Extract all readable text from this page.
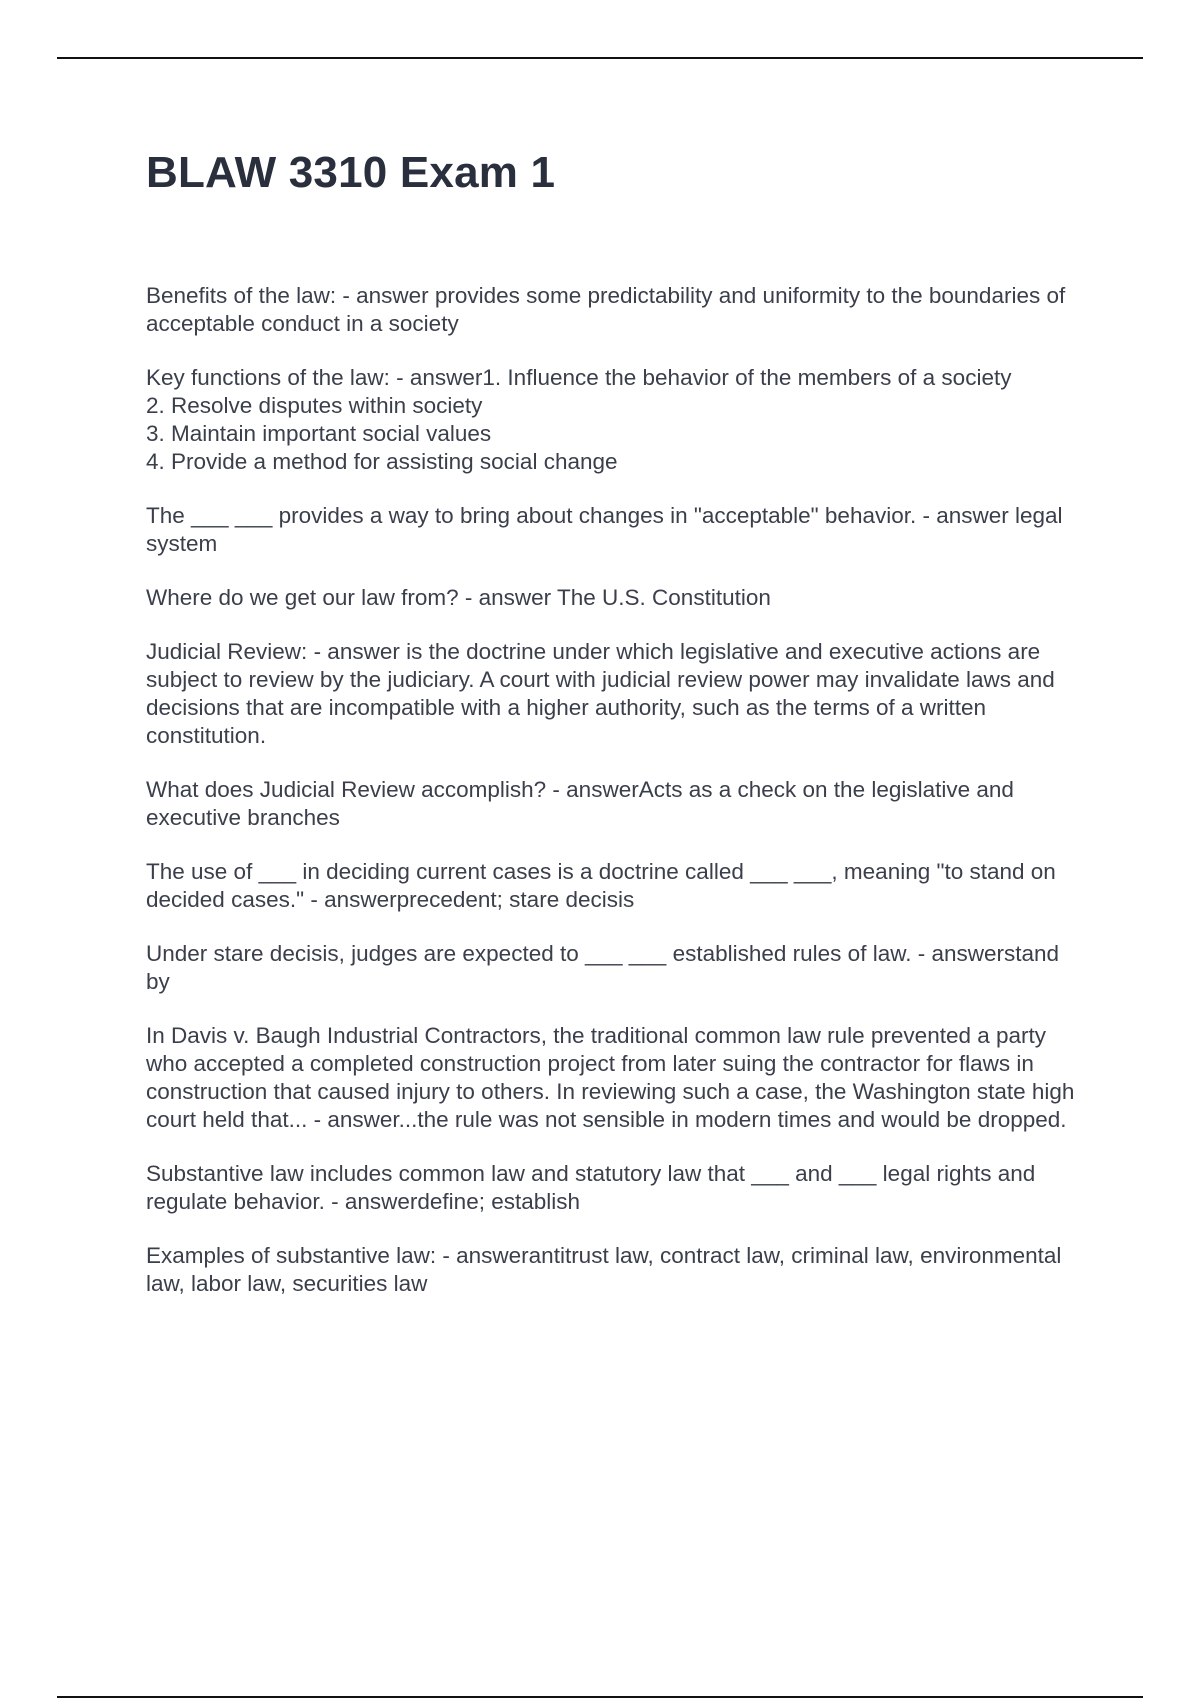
BLAW 3310 Exam 1

Benefits of the law: - answer provides some predictability and uniformity to the boundaries of acceptable conduct in a society

Key functions of the law: - answer1. Influence the behavior of the members of a society
2. Resolve disputes within society
3. Maintain important social values
4. Provide a method for assisting social change

The ___ ___ provides a way to bring about changes in "acceptable" behavior. - answer legal system

Where do we get our law from? - answer The U.S. Constitution

Judicial Review: - answer is the doctrine under which legislative and executive actions are subject to review by the judiciary. A court with judicial review power may invalidate laws and decisions that are incompatible with a higher authority, such as the terms of a written constitution.

What does Judicial Review accomplish? - answerActs as a check on the legislative and executive branches

The use of ___ in deciding current cases is a doctrine called ___ ___, meaning "to stand on decided cases." - answerprecedent; stare decisis

Under stare decisis, judges are expected to ___ ___ established rules of law. - answerstand by

In Davis v. Baugh Industrial Contractors, the traditional common law rule prevented a party who accepted a completed construction project from later suing the contractor for flaws in construction that caused injury to others. In reviewing such a case, the Washington state high court held that... - answer...the rule was not sensible in modern times and would be dropped.

Substantive law includes common law and statutory law that ___ and ___ legal rights and regulate behavior. - answerdefine; establish

Examples of substantive law: - answerantitrust law, contract law, criminal law, environmental law, labor law, securities law
